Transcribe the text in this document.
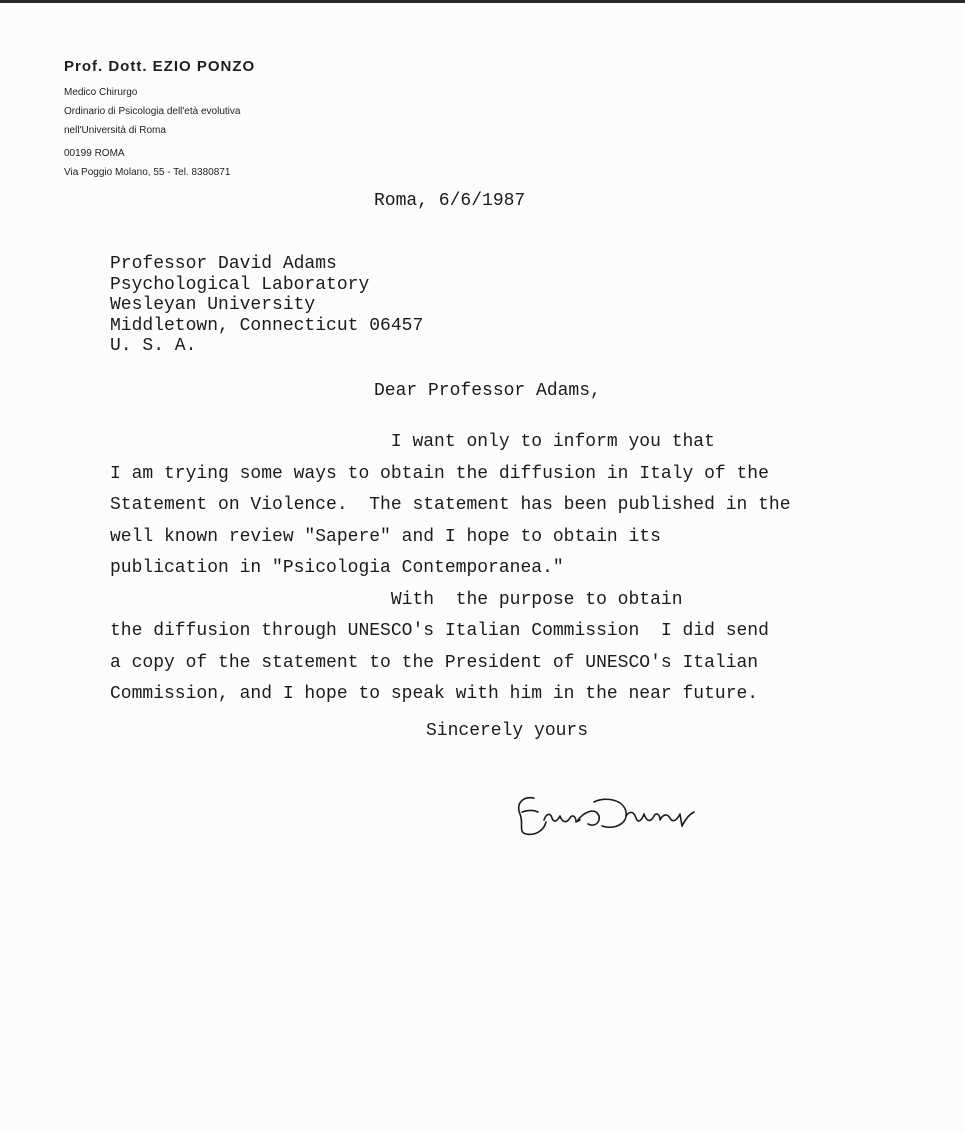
Prof. Dott. EZIO PONZO

Medico Chirurgo

Ordinario di Psicologia dell'età evolutiva

nell'Università di Roma

00199 ROMA

Via Poggio Molano, 55 - Tel. 8380871

Roma, 6/6/1987
Professor David Adams
Psychological Laboratory
Wesleyan University
Middletown, Connecticut 06457
U. S. A.
Dear Professor Adams,

I want only to inform you that

I am trying some ways to obtain the diffusion in Italy of the

Statement on Violence.  The statement has been published in the

well known review "Sapere" and I hope to obtain its

publication in "Psicologia Contemporanea."

With  the purpose to obtain

the diffusion through UNESCO's Italian Commission  I did send

a copy of the statement to the President of UNESCO's Italian

Commission, and I hope to speak with him in the near future.

Sincerely yours
